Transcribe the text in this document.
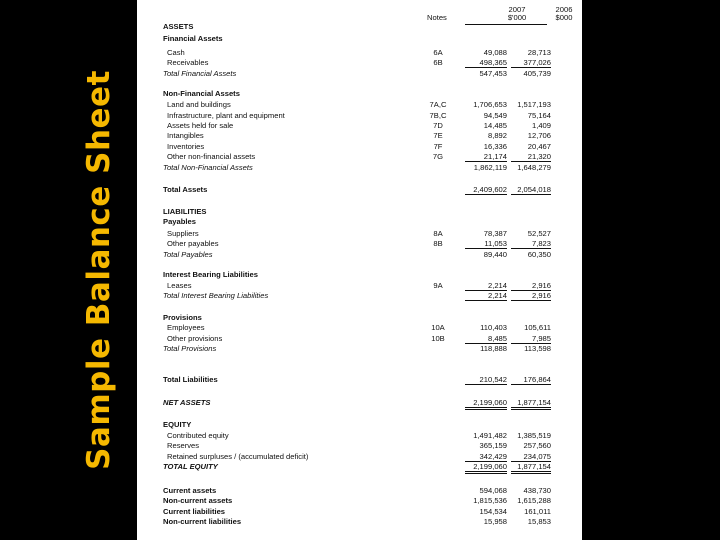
Sample Balance Sheet
2007
$'000
2006
$000
Notes
ASSETS
Financial Assets
Cash	6A	49,088	28,713
Receivables	6B	498,365	377,026
Total Financial Assets	547,453	405,739
Non-Financial Assets
Land and buildings	7A,C	1,706,653	1,517,193
Infrastructure, plant and equipment	7B,C	94,549	75,164
Assets held for sale	7D	14,485	1,409
Intangibles	7E	8,892	12,706
Inventories	7F	16,336	20,467
Other non-financial assets	7G	21,174	21,320
Total Non-Financial Assets	1,862,119	1,648,279
Total Assets	2,409,602	2,054,018
LIABILITIES
Payables
Suppliers	8A	78,387	52,527
Other payables	8B	11,053	7,823
Total Payables	89,440	60,350
Interest Bearing Liabilities
Leases	9A	2,214	2,916
Total Interest Bearing Liabilities	2,214	2,916
Provisions
Employees	10A	110,403	105,611
Other provisions	10B	8,485	7,985
Total Provisions	118,888	113,598
Total Liabilities	210,542	176,864
NET ASSETS	2,199,060	1,877,154
EQUITY
Contributed equity	1,491,482	1,385,519
Reserves	365,159	257,560
Retained surpluses / (accumulated deficit)	342,429	234,075
TOTAL EQUITY	2,199,060	1,877,154
Current assets	594,068	438,730
Non-current assets	1,815,536	1,615,288
Current liabilities	154,534	161,011
Non-current liabilities	15,958	15,853
